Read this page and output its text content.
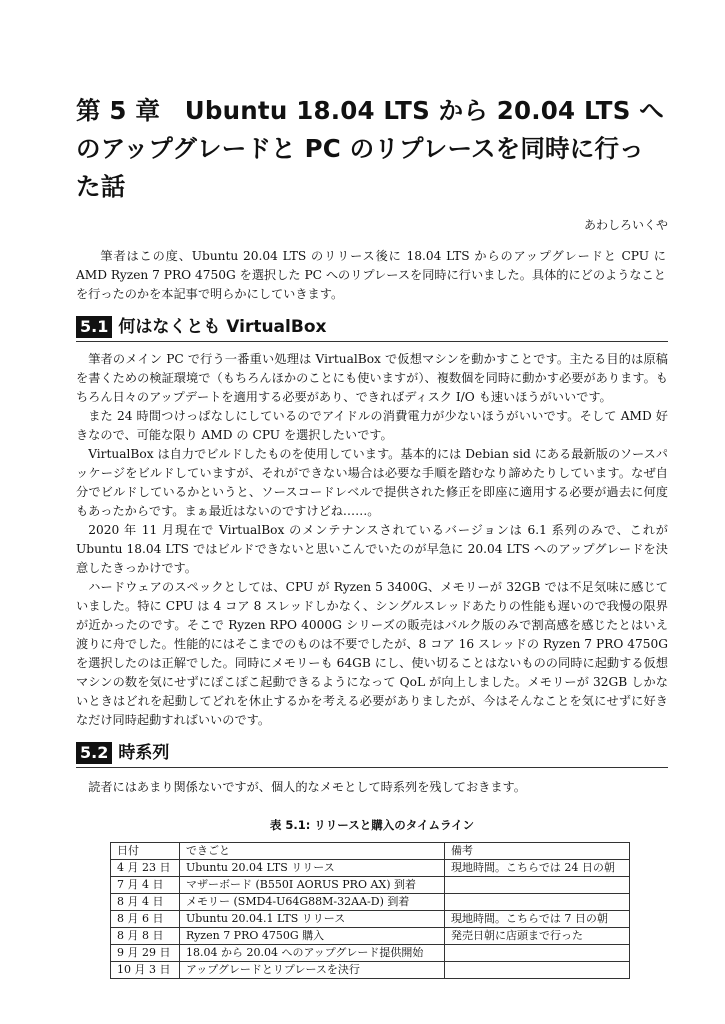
第 5 章　Ubuntu 18.04 LTS から 20.04 LTS へのアップグレードと PC のリプレースを同時に行った話
あわしろいくや

筆者はこの度、Ubuntu 20.04 LTS のリリース後に 18.04 LTS からのアップグレードと CPU に AMD Ryzen 7 PRO 4750G を選択した PC へのリプレースを同時に行いました。具体的にどのようなことを行ったのかを本記事で明らかにしていきます。

5.1 何はなくとも VirtualBox

筆者のメイン PC で行う一番重い処理は VirtualBox で仮想マシンを動かすことです。主たる目的は原稿を書くための検証環境で（もちろんほかのことにも使いますが）、複数個を同時に動かす必要があります。もちろん日々のアップデートを適用する必要があり、できればディスク I/O も速いほうがいいです。

また 24 時間つけっぱなしにしているのでアイドルの消費電力が少ないほうがいいです。そして AMD 好きなので、可能な限り AMD の CPU を選択したいです。

VirtualBox は自力でビルドしたものを使用しています。基本的には Debian sid にある最新版のソースパッケージをビルドしていますが、それができない場合は必要な手順を踏むなり諦めたりしています。なぜ自分でビルドしているかというと、ソースコードレベルで提供された修正を即座に適用する必要が過去に何度もあったからです。まぁ最近はないのですけどね……。

2020 年 11 月現在で VirtualBox のメンテナンスされているバージョンは 6.1 系列のみで、これが Ubuntu 18.04 LTS ではビルドできないと思いこんでいたのが早急に 20.04 LTS へのアップグレードを決意したきっかけです。

ハードウェアのスペックとしては、CPU が Ryzen 5 3400G、メモリーが 32GB では不足気味に感じていました。特に CPU は 4 コア 8 スレッドしかなく、シングルスレッドあたりの性能も遅いので我慢の限界が近かったのです。そこで Ryzen RPO 4000G シリーズの販売はバルク版のみで割高感を感じたとはいえ渡りに舟でした。性能的にはそこまでのものは不要でしたが、8 コア 16 スレッドの Ryzen 7 PRO 4750G を選択したのは正解でした。同時にメモリーも 64GB にし、使い切ることはないものの同時に起動する仮想マシンの数を気にせずにぽこぽこ起動できるようになって QoL が向上しました。メモリーが 32GB しかないときはどれを起動してどれを休止するかを考える必要がありましたが、今はそんなことを気にせずに好きなだけ同時起動すればいいのです。

5.2 時系列

読者にはあまり関係ないですが、個人的なメモとして時系列を残しておきます。

表 5.1: リリースと購入のタイムライン
日付	できごと	備考
4 月 23 日	Ubuntu 20.04 LTS リリース	現地時間。こちらでは 24 日の朝
7 月 4 日	マザーボード (B550I AORUS PRO AX) 到着	
8 月 4 日	メモリー (SMD4-U64G88M-32AA-D) 到着	
8 月 6 日	Ubuntu 20.04.1 LTS リリース	現地時間。こちらでは 7 日の朝
8 月 8 日	Ryzen 7 PRO 4750G 購入	発売日朝に店頭まで行った
9 月 29 日	18.04 から 20.04 へのアップグレード提供開始	
10 月 3 日	アップグレードとリプレースを決行	
